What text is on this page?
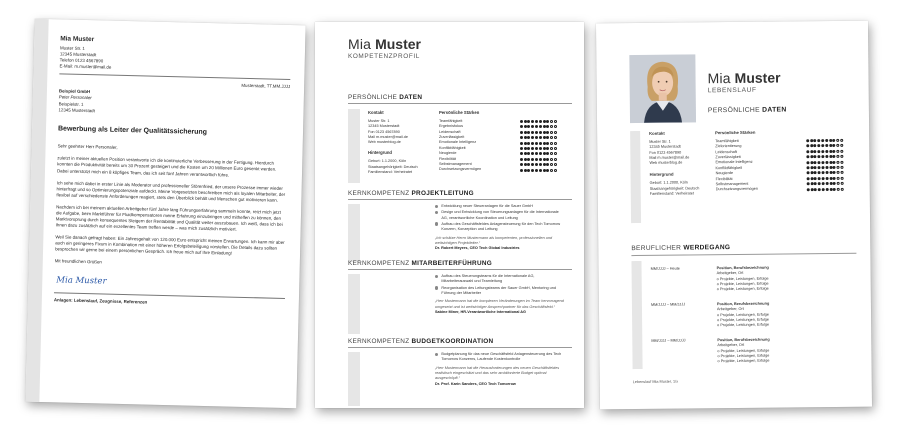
Mia Muster
Muster Str. 1
12345 Musterstadt
Telefon 0123 4567890
E-Mail: m.muster@mail.de
Musterstadt, TT.MM.JJJJ
Beispiel GmbH
Peter Personaler
Beispielstr. 1
12345 Musterstadt
Bewerbung als Leiter der Qualitätssicherung
Sehr geehrter Herr Personaler,
zuletzt in meiner aktuellen Position verantworte ich die kontinuierliche Verbesserung in der Fertigung. Hierdurch konnten die Produktivität bereits um 30 Prozent gesteigert und die Kosten um 20 Millionen Euro gesenkt werden. Dabei unterstützt mich ein 8 köpfiges Team, das ich seit fünf Jahren verantwortlich führe.
Ich sehe mich dabei in erster Linie als Moderator und professioneller Störenfried, der unsere Prozesse immer wieder hinterfragt und so Optimierungspotenziale aufdeckt. Meine Vorgesetzten beschreiben mich als loyalen Mitarbeiter, der flexibel auf verschiedenste Anforderungen reagiert, stets den Überblick behält und Menschen gut motivieren kann.
Nachdem ich bei meinem aktuellen Arbeitgeber fünf Jahre lang Führungserfahrung sammeln konnte, reizt mich jetzt die Aufgabe, beim Marktführer für Fluidkompensatoren meine Erfahrung einzubringen und mithelfen zu können, den Marktvorsprung durch konsequentes Steigern der Rentabilität und Qualität weiter auszubauen. Ich weiß, dass ich bei Ihnen dazu zusätzlich auf ein exzellentes Team treffen werde – was mich zusätzlich motiviert.
Weil Sie danach gefragt haben: Ein Jahresgehalt von 120.000 Euro entspricht meinen Erwartungen. Ich kann mir aber auch ein geringeres Fixum in Kombination mit einer höheren Erfolgsbeteiligung vorstellen. Die Details dazu sollten besprochen wir gerne bei einem persönlichen Gespräch. Ich freue mich auf Ihre Einladung!
Mit freundlichen Grüßen
Mia Muster
Anlagen: Lebenslauf, Zeugnisse, Referenzen
Mia Muster
KOMPETENZPROFIL
PERSÖNLICHE DATEN
Kontakt
Muster Str. 1
12345 Musterstadt
Fon 0123 4567890
Mail m.muster@mail.de
Web musterblog.de
Hintergrund
Geburt: 1.1.2000, Köln
Staatsangehörigkeit: Deutsch
Familienstand: Verheiratet
Persönliche Stärken
Teamfähigkeit
Ergebnisfokus
Leidenschaft
Zuverlässigkeit
Emotionale Intelligenz
Konfliktfähigkeit
Neugierde
Flexibilität
Selbstmanagement
Durchsetzungsvermögen
KERNKOMPETENZ PROJEKTLEITUNG
Entwicklung neuer Steueranlagen für die Sauer GmbH
Design und Entwicklung von Steuerungsanlagen für die Internationale AG, verantwortliche Koordination und Leitung
Aufbau des Geschäftsfeldes Anlagensteuerung für den Tech Tomorrow Konzern, Konzeption und Leitung
„Ich schätze Herrn Mustermann als kompetenten, professionellen und weitsichtigen Projektleiter.“
Dr. Robert Meyers, CEO Tech Global Industries
KERNKOMPETENZ MITARBEITERFÜHRUNG
Aufbau des Steuerungsteams für die Internationale AG, Mitarbeiterauswahl und Teamleitung
Reorganisation des Leitungsteams der Sauer GmbH, Mentoring und Führung der Mitarbeiter
„Herr Mustermann hat die komplexen Veränderungen im Team hervorragend umgesetzt und ist weitsichtiger Ansprechpartner für das Geschäftsfeld.“
Sabine Miner, HR-Verantwortliche International AG
KERNKOMPETENZ BUDGETKOORDINATION
Budgetplanung für das neue Geschäftsfeld Anlagensteuerung des Tech Tomorrow Konzerns, Laufende Kostenkontrolle
„Herr Mustermann hat die Herausforderungen des neuen Geschäftsfeldes realistisch eingeschätzt und das sehr ambitionierte Budget optimal ausgeschöpft.“
Dr. Prof. Karin Sanders, CEO Tech Tomorrow
Mia Muster
LEBENSLAUF
PERSÖNLICHE DATEN
Kontakt
Muster Str. 1
12345 Musterstadt
Fon 0123 4567890
Mail m.muster@mail.de
Web musterblog.de
Hintergrund
Geburt: 1.1.2000, Köln
Staatsangehörigkeit: Deutsch
Familienstand: Verheiratet
Persönliche Stärken
Teamfähigkeit
Zielorientierung
Leidenschaft
Zuverlässigkeit
Emotionale Intelligenz
Konfliktfähigkeit
Neugierde
Flexibilität
Selbstmanagement
Durchsetzungsvermögen
BERUFLICHER WERDEGANG
MM/JJJJ – Heute	Position, Berufsbezeichnung
Arbeitgeber, Ort
o Projekte, Leistungen, Erfolge
o Projekte, Leistungen, Erfolge
o Projekte, Leistungen, Erfolge
MM/JJJJ – MM/JJJJ	Position, Berufsbezeichnung
Arbeitgeber, Ort
o Projekte, Leistungen, Erfolge
o Projekte, Leistungen, Erfolge
o Projekte, Leistungen, Erfolge
MM/JJJJ – MM/JJJJ	Position, Berufsbezeichnung
Arbeitgeber, Ort
o Projekte, Leistungen, Erfolge
o Projekte, Leistungen, Erfolge
o Projekte, Leistungen, Erfolge
Lebenslauf Mia Muster, 1/x
